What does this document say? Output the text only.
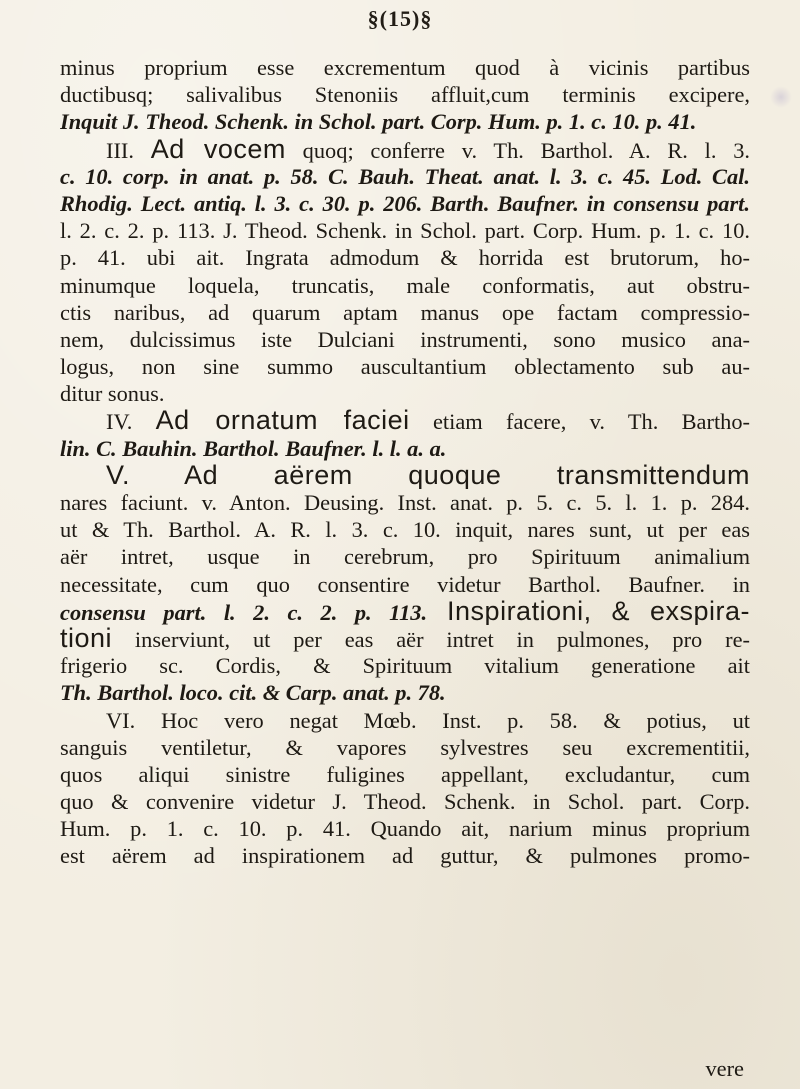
§(15)§
minus proprium esse excrementum quod à vicinis partibus
ductibusq; salivalibus Stenoniis affluit,cum terminis excipere,
Inquit J. Theod. Schenk. in Schol. part. Corp. Hum. p. 1. c. 10. p. 41.
III. Ad vocem quoq; conferre v. Th. Barthol. A. R. l. 3.
c. 10. corp. in anat. p. 58. C. Bauh. Theat. anat. l. 3. c. 45. Lod. Cal.
Rhodig. Lect. antiq. l. 3. c. 30. p. 206. Barth. Baufner. in consensu part.
l. 2. c. 2. p. 113. J. Theod. Schenk. in Schol. part. Corp. Hum. p. 1. c. 10.
p. 41. ubi ait. Ingrata admodum & horrida est brutorum, ho-
minumque loquela, truncatis, male conformatis, aut obstru-
ctis naribus, ad quarum aptam manus ope factam compressio-
nem, dulcissimus iste Dulciani instrumenti, sono musico ana-
logus, non sine summo auscultantium oblectamento sub au-
ditur sonus.
IV. Ad ornatum faciei etiam facere, v. Th. Bartho-
lin. C. Bauhin. Barthol. Baufner. l. l. a. a.
V. Ad aërem quoque transmittendum
nares faciunt. v. Anton. Deusing. Inst. anat. p. 5. c. 5. l. 1. p. 284.
ut & Th. Barthol. A. R. l. 3. c. 10. inquit, nares sunt, ut per eas
aër intret, usque in cerebrum, pro Spirituum animalium
necessitate, cum quo consentire videtur Barthol. Baufner. in
consensu part. l. 2. c. 2. p. 113. Inspirationi, & exspira-
tioni inserviunt, ut per eas aër intret in pulmones, pro re-
frigerio sc. Cordis, & Spirituum vitalium generatione ait
Th. Barthol. loco. cit. & Carp. anat. p. 78.
VI. Hoc vero negat Mœb. Inst. p. 58. & potius, ut
sanguis ventiletur, & vapores sylvestres seu excrementitii,
quos aliqui sinistre fuligines appellant, excludantur, cum
quo & convenire videtur J. Theod. Schenk. in Schol. part. Corp.
Hum. p. 1. c. 10. p. 41. Quando ait, narium minus proprium
est aërem ad inspirationem ad guttur, & pulmones promo-
vere
